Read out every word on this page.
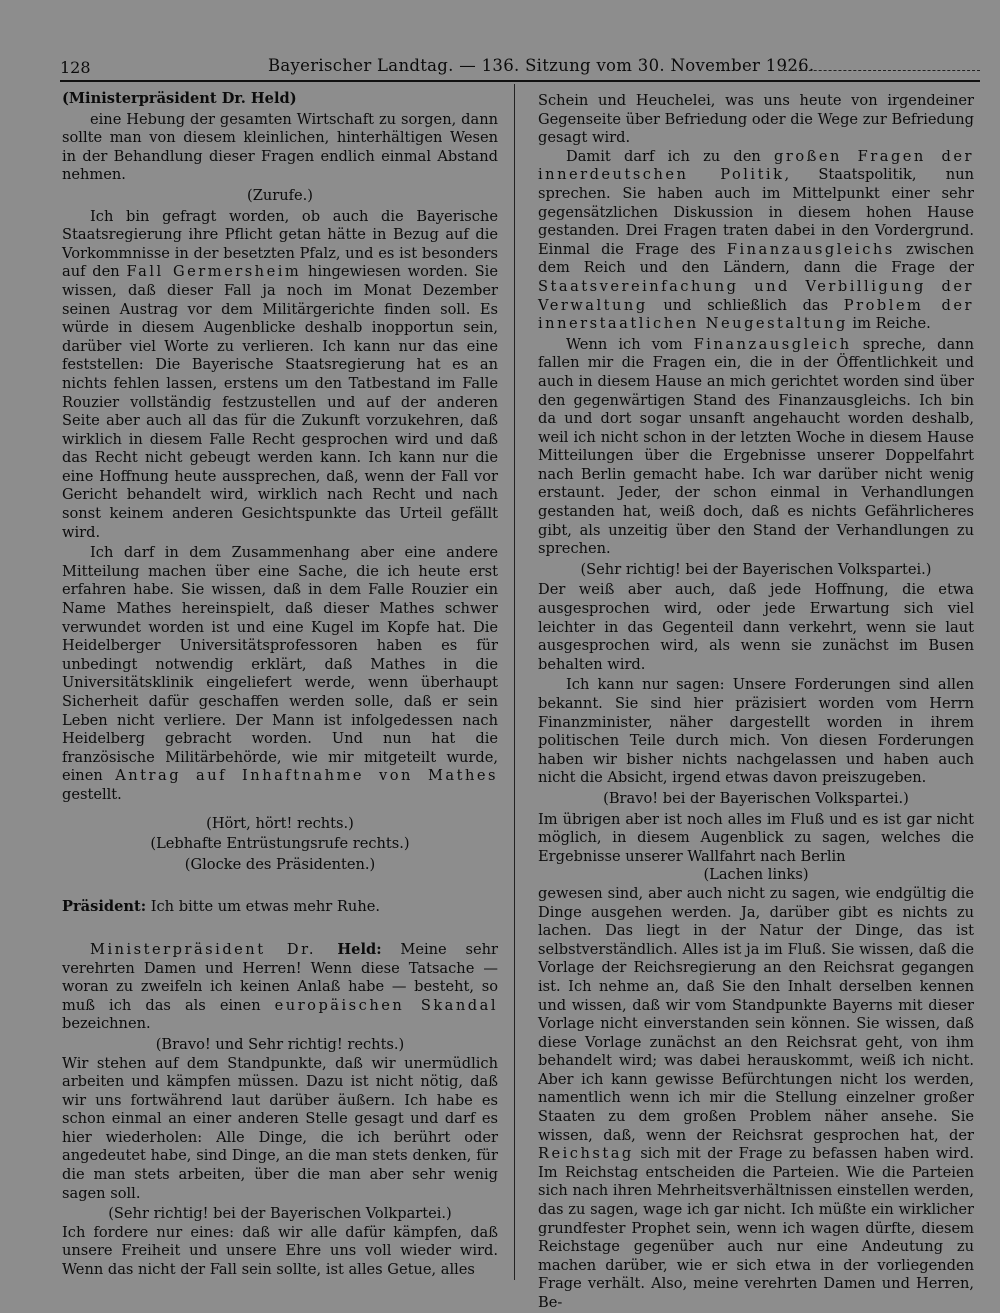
128	Bayerischer Landtag. — 136. Sitzung vom 30. November 1926.

(Ministerpräsident Dr. Held)

eine Hebung der gesamten Wirtschaft zu sorgen, dann sollte man von diesem kleinlichen, hinterhältigen Wesen in der Behandlung dieser Fragen endlich einmal Abstand nehmen.

(Zurufe.)

Ich bin gefragt worden, ob auch die Bayerische Staatsregierung ihre Pflicht getan hätte in Bezug auf die Vorkommnisse in der besetzten Pfalz, und es ist besonders auf den Fall Germersheim hingewiesen worden. Sie wissen, daß dieser Fall ja noch im Monat Dezember seinen Austrag vor dem Militärgerichte finden soll. Es würde in diesem Augenblicke deshalb inopportun sein, darüber viel Worte zu verlieren. Ich kann nur das eine feststellen: Die Bayerische Staatsregierung hat es an nichts fehlen lassen, erstens um den Tatbestand im Falle Rouzier vollständig festzustellen und auf der anderen Seite aber auch all das für die Zukunft vorzukehren, daß wirklich in diesem Falle Recht gesprochen wird und daß das Recht nicht gebeugt werden kann. Ich kann nur die eine Hoffnung heute aussprechen, daß, wenn der Fall vor Gericht behandelt wird, wirklich nach Recht und nach sonst keinem anderen Gesichtspunkte das Urteil gefällt wird.

Ich darf in dem Zusammenhang aber eine andere Mitteilung machen über eine Sache, die ich heute erst erfahren habe. Sie wissen, daß in dem Falle Rouzier ein Name Mathes hereinspielt, daß dieser Mathes schwer verwundet worden ist und eine Kugel im Kopfe hat. Die Heidelberger Universitätsprofessoren haben es für unbedingt notwendig erklärt, daß Mathes in die Universitätsklinik eingeliefert werde, wenn überhaupt Sicherheit dafür geschaffen werden solle, daß er sein Leben nicht verliere. Der Mann ist infolgedessen nach Heidelberg gebracht worden. Und nun hat die französische Militärbehörde, wie mir mitgeteilt wurde, einen Antrag auf Inhaftnahme von Mathes gestellt.

(Hört, hört! rechts.)

(Lebhafte Entrüstungsrufe rechts.)

(Glocke des Präsidenten.)

Präsident: Ich bitte um etwas mehr Ruhe.

Ministerpräsident Dr. Held: Meine sehr verehrten Damen und Herren! Wenn diese Tatsache — woran zu zweifeln ich keinen Anlaß habe — besteht, so muß ich das als einen europäischen Skandal bezeichnen.

(Bravo! und Sehr richtig! rechts.)

Wir stehen auf dem Standpunkte, daß wir unermüdlich arbeiten und kämpfen müssen. Dazu ist nicht nötig, daß wir uns fortwährend laut darüber äußern. Ich habe es schon einmal an einer anderen Stelle gesagt und darf es hier wiederholen: Alle Dinge, die ich berührt oder angedeutet habe, sind Dinge, an die man stets denken, für die man stets arbeiten, über die man aber sehr wenig sagen soll.

(Sehr richtig! bei der Bayerischen Volkpartei.)

Ich fordere nur eines: daß wir alle dafür kämpfen, daß unsere Freiheit und unsere Ehre uns voll wieder wird. Wenn das nicht der Fall sein sollte, ist alles Getue, alles

Schein und Heuchelei, was uns heute von irgendeiner Gegenseite über Befriedung oder die Wege zur Befriedung gesagt wird.

Damit darf ich zu den großen Fragen der innerdeutschen Politik, Staatspolitik, nun sprechen. Sie haben auch im Mittelpunkt einer sehr gegensätzlichen Diskussion in diesem hohen Hause gestanden. Drei Fragen traten dabei in den Vordergrund. Einmal die Frage des Finanzausgleichs zwischen dem Reich und den Ländern, dann die Frage der Staatsvereinfachung und Verbilligung der Verwaltung und schließlich das Problem der innerstaatlichen Neugestaltung im Reiche.

Wenn ich vom Finanzausgleich spreche, dann fallen mir die Fragen ein, die in der Öffentlichkeit und auch in diesem Hause an mich gerichtet worden sind über den gegenwärtigen Stand des Finanzausgleichs. Ich bin da und dort sogar unsanft angehaucht worden deshalb, weil ich nicht schon in der letzten Woche in diesem Hause Mitteilungen über die Ergebnisse unserer Doppelfahrt nach Berlin gemacht habe. Ich war darüber nicht wenig erstaunt. Jeder, der schon einmal in Verhandlungen gestanden hat, weiß doch, daß es nichts Gefährlicheres gibt, als unzeitig über den Stand der Verhandlungen zu sprechen.

(Sehr richtig! bei der Bayerischen Volkspartei.)

Der weiß aber auch, daß jede Hoffnung, die etwa ausgesprochen wird, oder jede Erwartung sich viel leichter in das Gegenteil dann verkehrt, wenn sie laut ausgesprochen wird, als wenn sie zunächst im Busen behalten wird.

Ich kann nur sagen: Unsere Forderungen sind allen bekannt. Sie sind hier präzisiert worden vom Herrn Finanzminister, näher dargestellt worden in ihrem politischen Teile durch mich. Von diesen Forderungen haben wir bisher nichts nachgelassen und haben auch nicht die Absicht, irgend etwas davon preiszugeben.

(Bravo! bei der Bayerischen Volkspartei.)

Im übrigen aber ist noch alles im Fluß und es ist gar nicht möglich, in diesem Augenblick zu sagen, welches die Ergebnisse unserer Wallfahrt nach Berlin

(Lachen links)

gewesen sind, aber auch nicht zu sagen, wie endgültig die Dinge ausgehen werden. Ja, darüber gibt es nichts zu lachen. Das liegt in der Natur der Dinge, das ist selbstverständlich. Alles ist ja im Fluß. Sie wissen, daß die Vorlage der Reichsregierung an den Reichsrat gegangen ist. Ich nehme an, daß Sie den Inhalt derselben kennen und wissen, daß wir vom Standpunkte Bayerns mit dieser Vorlage nicht einverstanden sein können. Sie wissen, daß diese Vorlage zunächst an den Reichsrat geht, von ihm behandelt wird; was dabei herauskommt, weiß ich nicht. Aber ich kann gewisse Befürchtungen nicht los werden, namentlich wenn ich mir die Stellung einzelner großer Staaten zu dem großen Problem näher ansehe. Sie wissen, daß, wenn der Reichsrat gesprochen hat, der Reichstag sich mit der Frage zu befassen haben wird. Im Reichstag entscheiden die Parteien. Wie die Parteien sich nach ihren Mehrheitsverhältnissen einstellen werden, das zu sagen, wage ich gar nicht. Ich müßte ein wirklicher grundfester Prophet sein, wenn ich wagen dürfte, diesem Reichstage gegenüber auch nur eine Andeutung zu machen darüber, wie er sich etwa in der vorliegenden Frage verhält. Also, meine verehrten Damen und Herren, Be-
